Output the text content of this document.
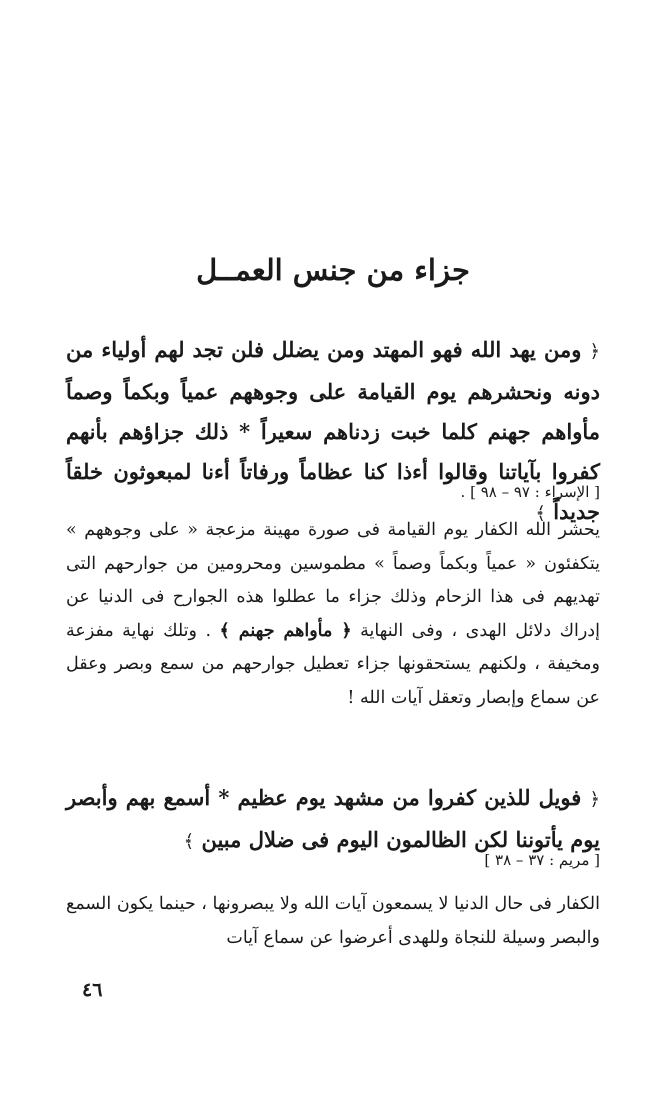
جزاء من جنس العمــل
﴿ ومن يهد الله فهو المهتد ومن يضلل فلن تجد لهم أولياء من دونه ونحشرهم يوم القيامة على وجوههم عمياً وبكماً وصماً مأواهم جهنم كلما خبت زدناهم سعيراً * ذلك جزاؤهم بأنهم كفروا بآياتنا وقالوا أءذا كنا عظاماً ورفاتاً أءنا لمبعوثون خلقاً جديداً ﴾
[ الإسراء : ٩٧ – ٩٨ ] .
يحشر الله الكفار يوم القيامة فى صورة مهينة مزعجة « على وجوههم » يتكفئون « عمياً وبكماً وصماً » مطموسين ومحرومين من جوارحهم التى تهديهم فى هذا الزحام وذلك جزاء ما عطلوا هذه الجوارح فى الدنيا عن إدراك دلائل الهدى ، وفى النهاية ﴿ مأواهم جهنم ﴾ . وتلك نهاية مفزعة ومخيفة ، ولكنهم يستحقونها جزاء تعطيل جوارحهم من سمع وبصر وعقل عن سماع وإبصار وتعقل آيات الله !
﴿ فويل للذين كفروا من مشهد يوم عظيم * أسمع بهم وأبصر يوم يأتوننا لكن الظالمون اليوم فى ضلال مبين ﴾
[ مريم : ٣٧ – ٣٨ ]
الكفار فى حال الدنيا لا يسمعون آيات الله ولا يبصرونها ، حينما يكون السمع والبصر وسيلة للنجاة وللهدى أعرضوا عن سماع آيات
٤٦
